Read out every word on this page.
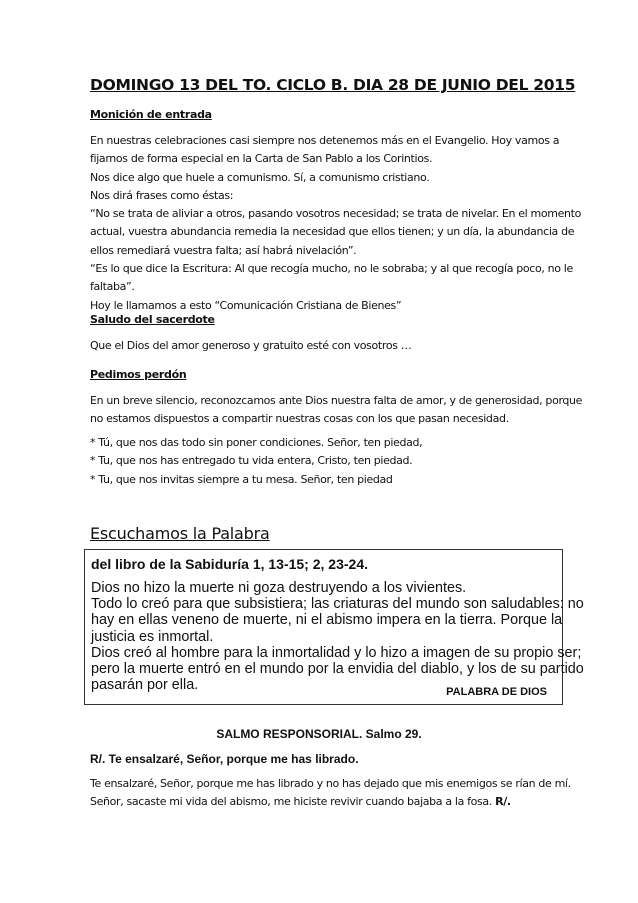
DOMINGO 13 DEL TO. CICLO B. DIA 28 DE JUNIO DEL 2015
Monición de entrada
En nuestras celebraciones casi siempre nos detenemos más en el Evangelio. Hoy vamos a
fijarnos de forma especial en la Carta de San Pablo a los Corintios.
Nos dice algo que huele a comunismo. Sí, a comunismo cristiano.
Nos dirá frases como éstas:
“No se trata de aliviar a otros, pasando vosotros necesidad; se trata de nivelar. En el momento
actual, vuestra abundancia remedia la necesidad que ellos tienen; y un día, la abundancia de
ellos remediará vuestra falta; así habrá nivelación”.
“Es lo que dice la Escritura: Al que recogía mucho, no le sobraba; y al que recogía poco, no le
faltaba”.
Hoy le llamamos a esto “Comunicación Cristiana de Bienes”
Saludo del sacerdote
Que el Dios del amor generoso y gratuito esté con vosotros …
Pedimos perdón
En un breve silencio, reconozcamos ante Dios nuestra falta de amor, y de generosidad, porque
no estamos dispuestos a compartir nuestras cosas con los que pasan necesidad.
* Tú, que nos das todo sin poner condiciones. Señor, ten piedad,
* Tu, que nos has entregado tu vida entera, Cristo, ten piedad.
* Tu, que nos invitas siempre a tu mesa. Señor, ten piedad
Escuchamos la Palabra
del libro de la Sabiduría 1, 13-15; 2, 23-24.
Dios no hizo la muerte ni goza destruyendo a los vivientes.
Todo lo creó para que subsistiera; las criaturas del mundo son saludables: no
hay en ellas veneno de muerte, ni el abismo impera en la tierra. Porque la
justicia es inmortal.
Dios creó al hombre para la inmortalidad y lo hizo a imagen de su propio ser;
pero la muerte entró en el mundo por la envidia del diablo, y los de su partido
pasarán por ella.	PALABRA DE DIOS
SALMO RESPONSORIAL. Salmo 29.
R/. Te ensalzaré, Señor, porque me has librado.
Te ensalzaré, Señor, porque me has librado y no has dejado que mis enemigos se rían de mí.
Señor, sacaste mi vida del abismo, me hiciste revivir cuando bajaba a la fosa. R/.
